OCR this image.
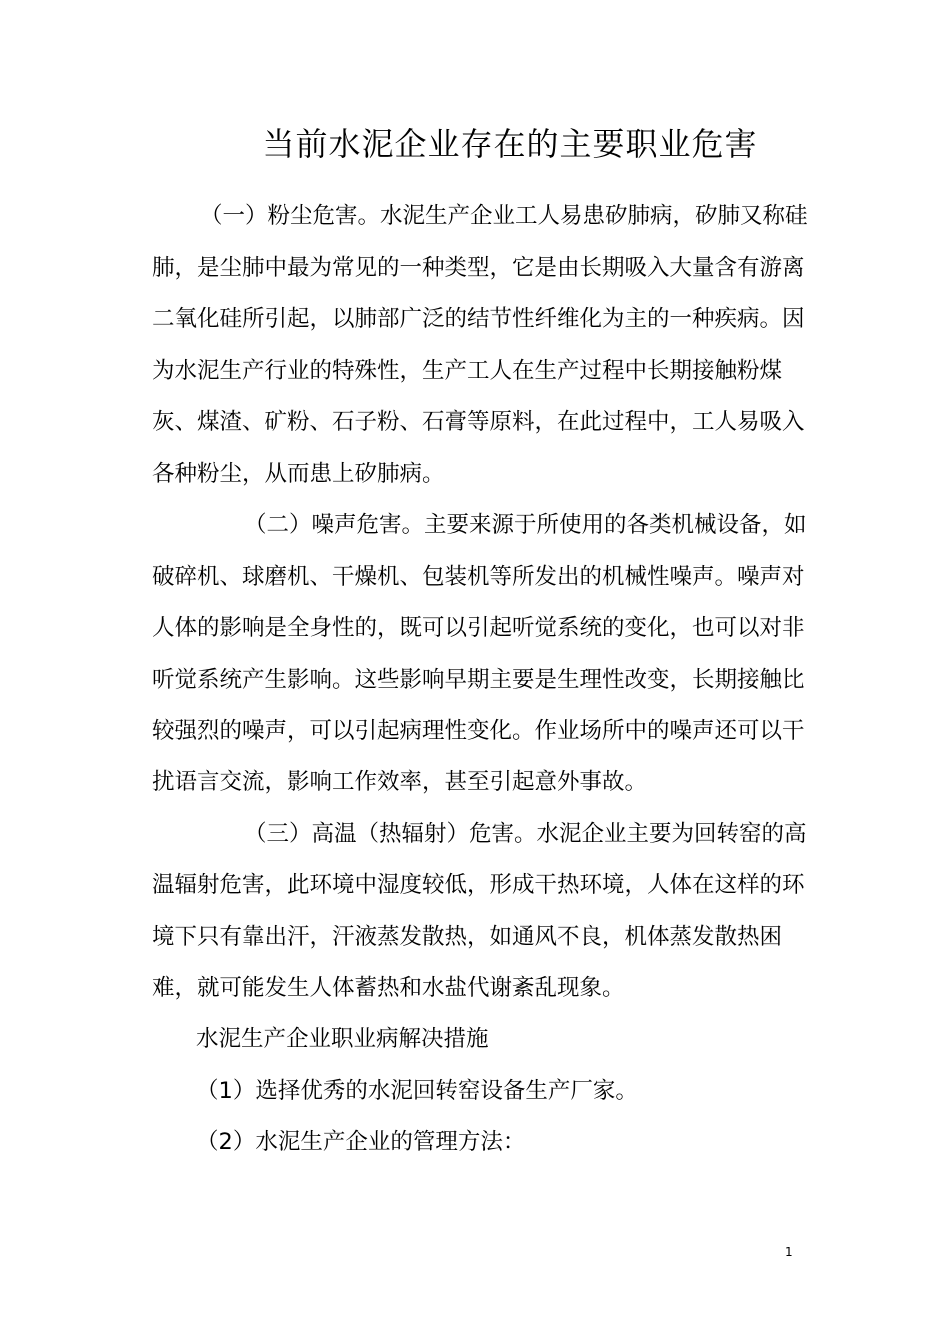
当前水泥企业存在的主要职业危害

（一）粉尘危害。水泥生产企业工人易患矽肺病，矽肺又称硅

肺，是尘肺中最为常见的一种类型，它是由长期吸入大量含有游离

二氧化硅所引起，以肺部广泛的结节性纤维化为主的一种疾病。因

为水泥生产行业的特殊性，生产工人在生产过程中长期接触粉煤

灰、煤渣、矿粉、石子粉、石膏等原料，在此过程中，工人易吸入

各种粉尘，从而患上矽肺病。

（二）噪声危害。主要来源于所使用的各类机械设备，如

破碎机、球磨机、干燥机、包装机等所发出的机械性噪声。噪声对

人体的影响是全身性的，既可以引起听觉系统的变化，也可以对非

听觉系统产生影响。这些影响早期主要是生理性改变，长期接触比

较强烈的噪声，可以引起病理性变化。作业场所中的噪声还可以干

扰语言交流，影响工作效率，甚至引起意外事故。

（三）高温（热辐射）危害。水泥企业主要为回转窑的高

温辐射危害，此环境中湿度较低，形成干热环境，人体在这样的环

境下只有靠出汗，汗液蒸发散热，如通风不良，机体蒸发散热困

难，就可能发生人体蓄热和水盐代谢紊乱现象。

水泥生产企业职业病解决措施

（1）选择优秀的水泥回转窑设备生产厂家。

（2）水泥生产企业的管理方法：

1
